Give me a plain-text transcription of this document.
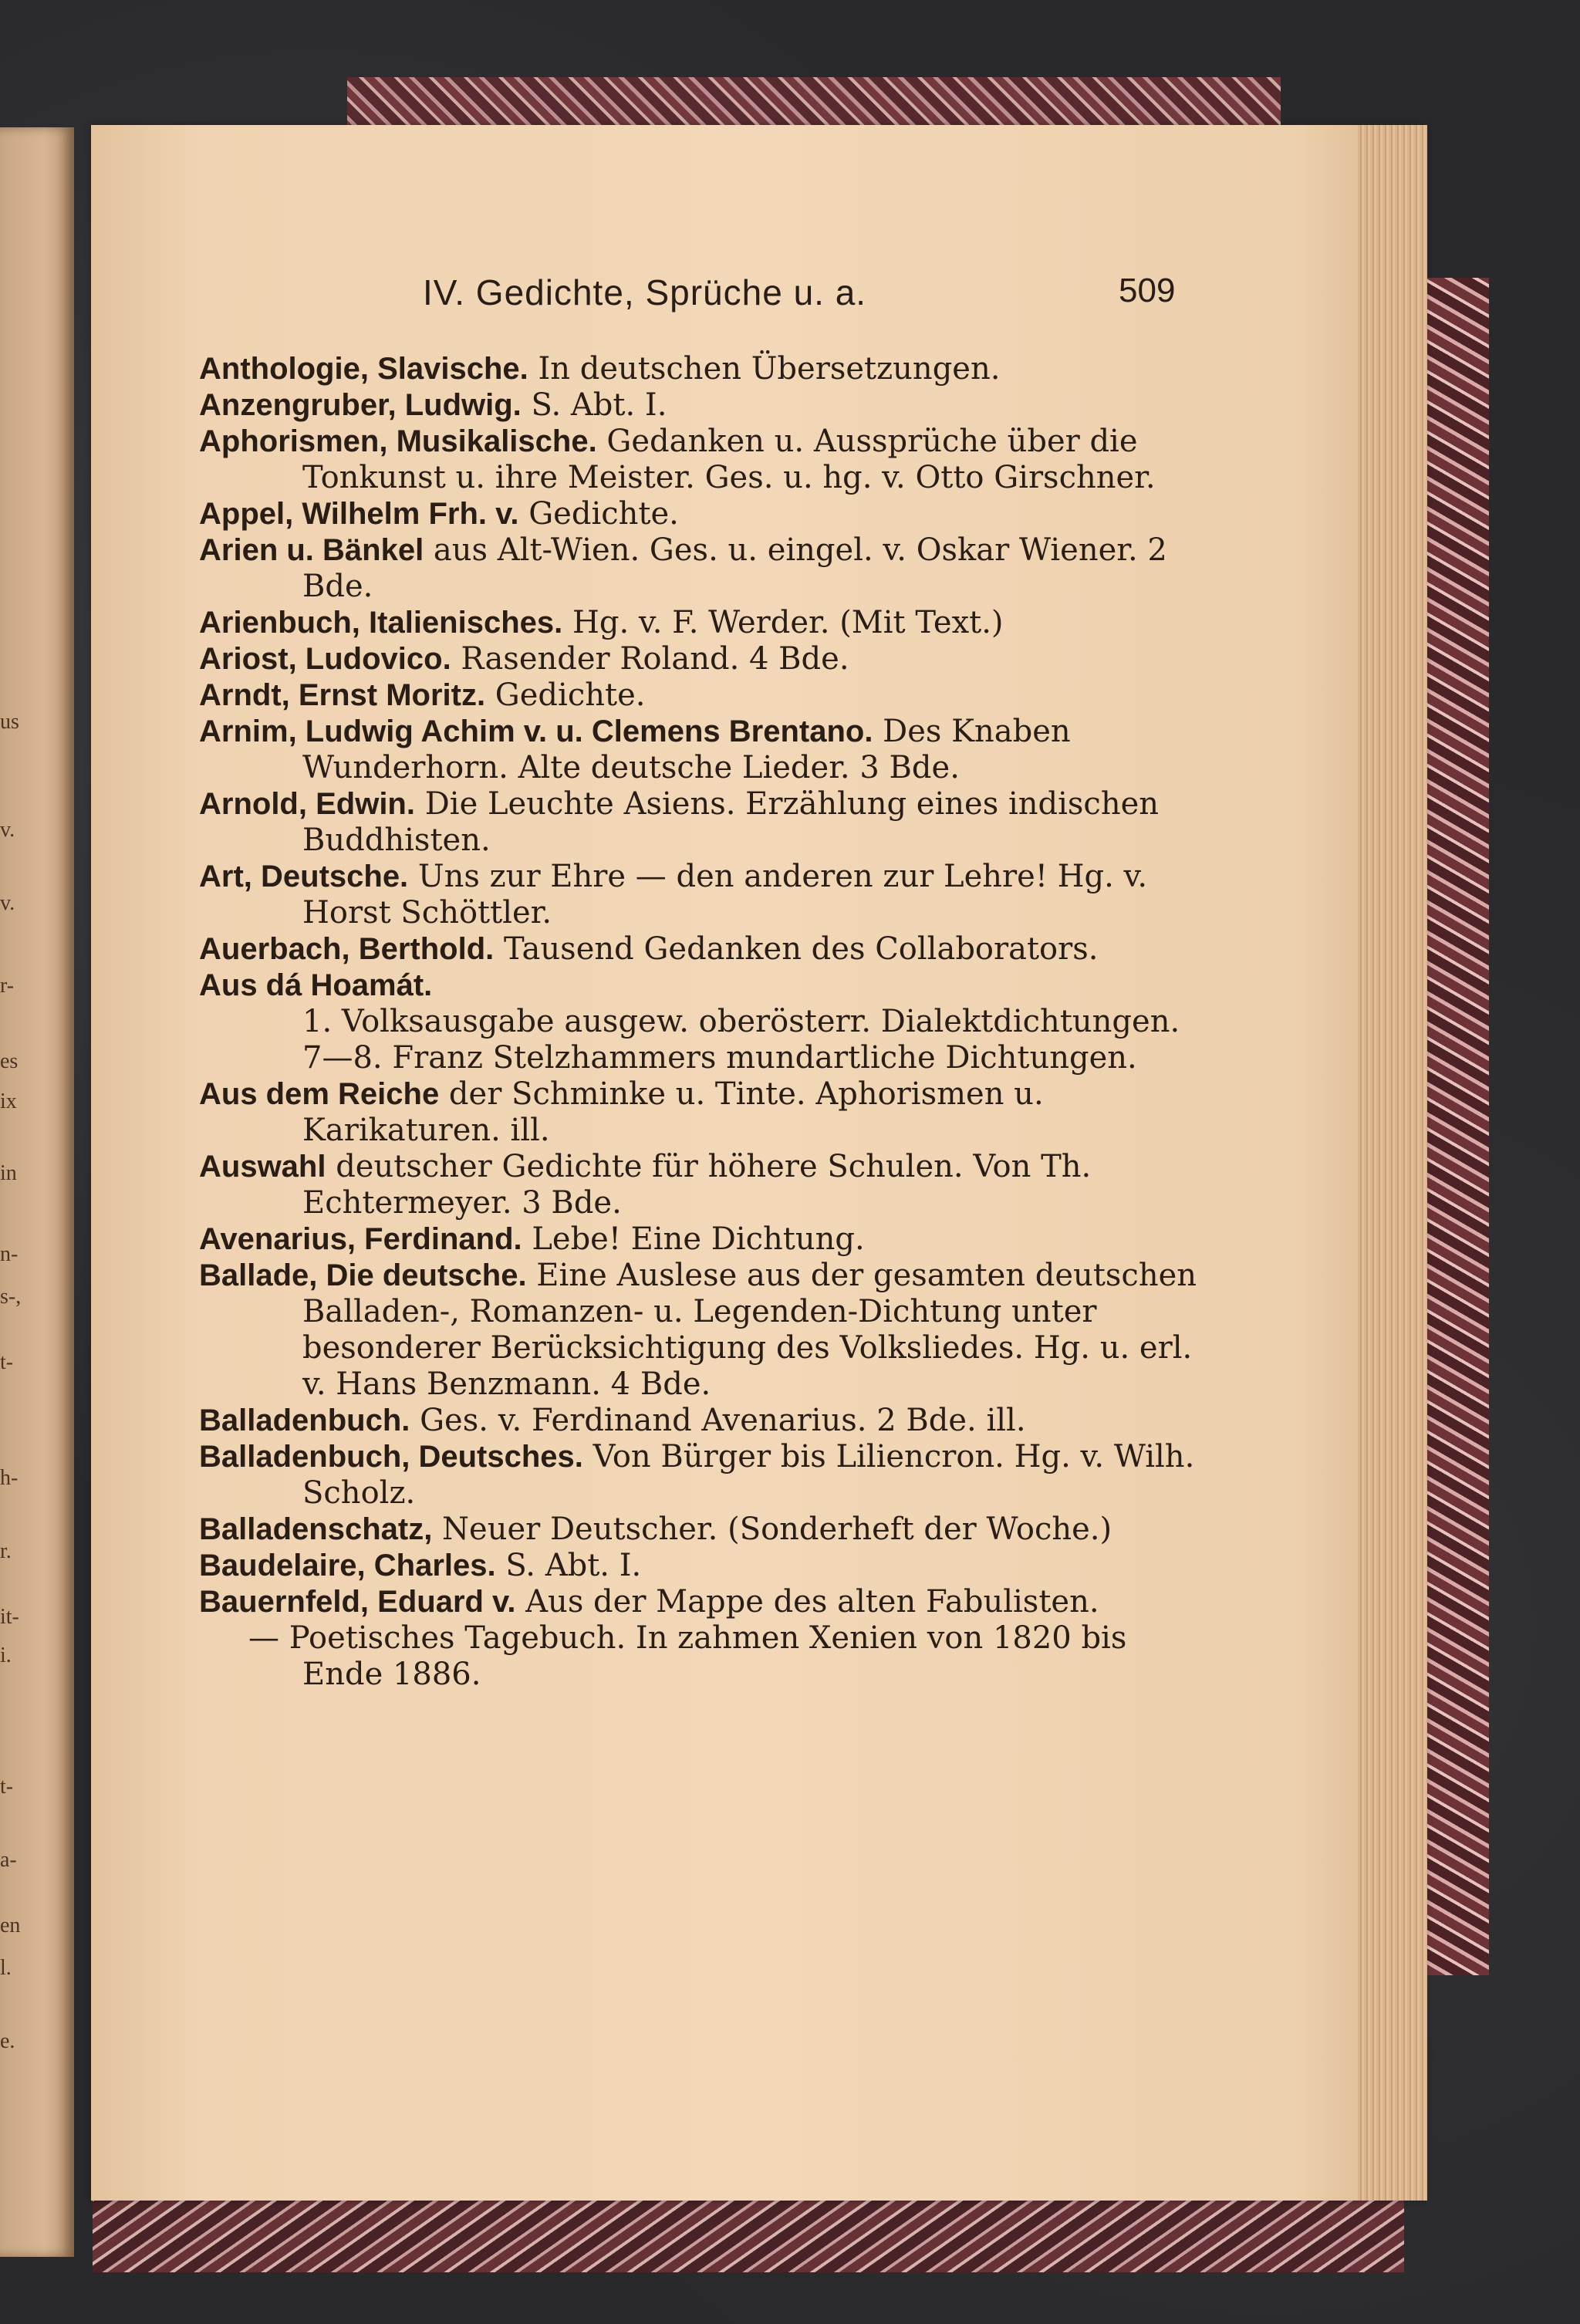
us
v.
v.
r-
es
ix
in
n-
s-,
t-
h-
r.
it-
i.
t-
a-
en
l.
e.
IV. Gedichte, Sprüche u. a.	509
Anthologie, Slavische. In deutschen Übersetzungen.
Anzengruber, Ludwig. S. Abt. I.
Aphorismen, Musikalische. Gedanken u. Aussprüche über die Tonkunst u. ihre Meister. Ges. u. hg. v. Otto Girschner.
Appel, Wilhelm Frh. v. Gedichte.
Arien u. Bänkel aus Alt-Wien. Ges. u. eingel. v. Oskar Wiener. 2 Bde.
Arienbuch, Italienisches. Hg. v. F. Werder. (Mit Text.)
Ariost, Ludovico. Rasender Roland. 4 Bde.
Arndt, Ernst Moritz. Gedichte.
Arnim, Ludwig Achim v. u. Clemens Brentano. Des Knaben Wunderhorn. Alte deutsche Lieder. 3 Bde.
Arnold, Edwin. Die Leuchte Asiens. Erzählung eines indischen Buddhisten.
Art, Deutsche. Uns zur Ehre — den anderen zur Lehre! Hg. v. Horst Schöttler.
Auerbach, Berthold. Tausend Gedanken des Collaborators.
Aus dá Hoamát.
1. Volksausgabe ausgew. oberösterr. Dialektdichtungen.
7—8. Franz Stelzhammers mundartliche Dichtungen.
Aus dem Reiche der Schminke u. Tinte. Aphorismen u. Karikaturen. ill.
Auswahl deutscher Gedichte für höhere Schulen. Von Th. Echtermeyer. 3 Bde.
Avenarius, Ferdinand. Lebe! Eine Dichtung.
Ballade, Die deutsche. Eine Auslese aus der gesamten deutschen Balladen-, Romanzen- u. Legenden-Dichtung unter besonderer Berücksichtigung des Volksliedes. Hg. u. erl. v. Hans Benzmann. 4 Bde.
Balladenbuch. Ges. v. Ferdinand Avenarius. 2 Bde. ill.
Balladenbuch, Deutsches. Von Bürger bis Liliencron. Hg. v. Wilh. Scholz.
Balladenschatz, Neuer Deutscher. (Sonderheft der Woche.)
Baudelaire, Charles. S. Abt. I.
Bauernfeld, Eduard v. Aus der Mappe des alten Fabulisten.
— Poetisches Tagebuch. In zahmen Xenien von 1820 bis Ende 1886.
